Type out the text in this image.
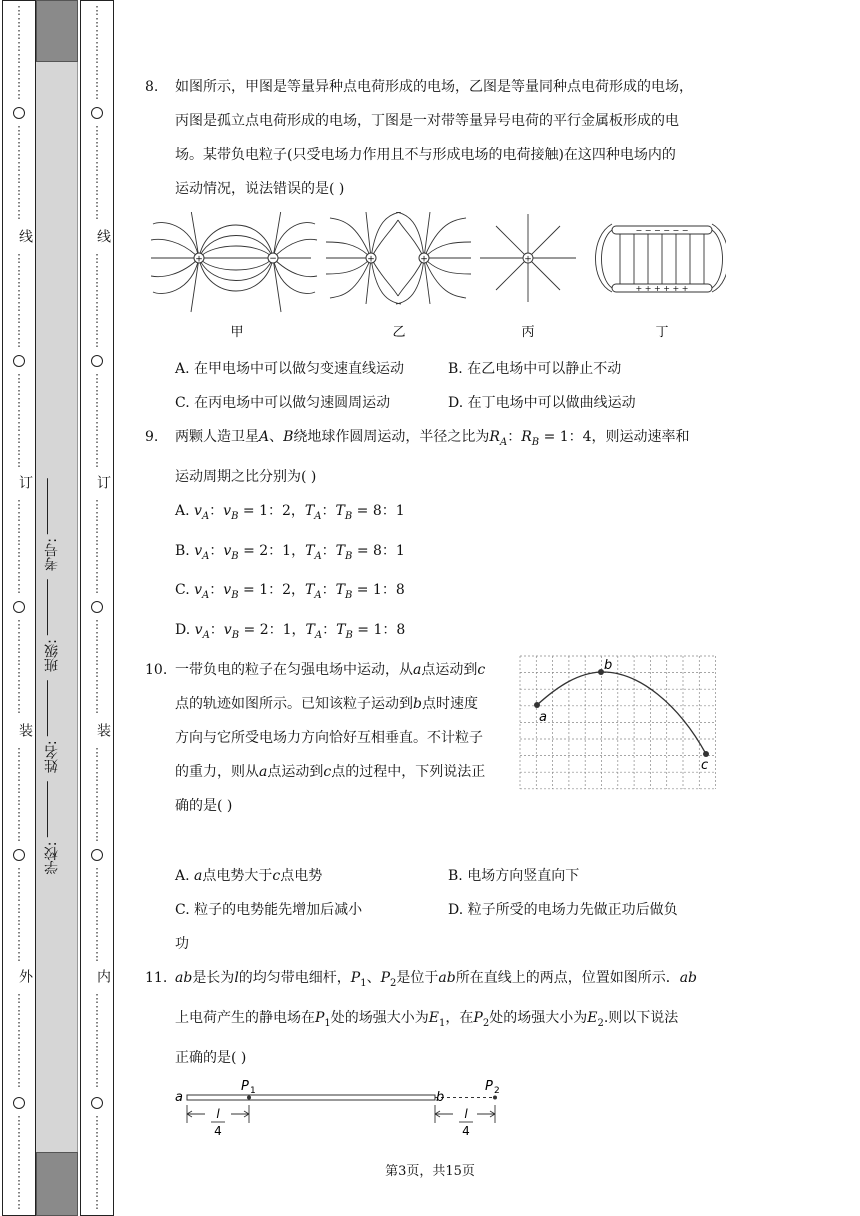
⋮
⋮
⋮
⋮
⋮
⋮
⋮
⋮
⋮
⋮
⋮
⋮
⋮
⋮
⋮
⋮
线
⋮
⋮
⋮
⋮
⋮
⋮
⋮
⋮
⋮
⋮
⋮
⋮
⋮
⋮
⋮
⋮
订
⋮
⋮
⋮
⋮
⋮
⋮
⋮
⋮
⋮
⋮
⋮
⋮
⋮
⋮
⋮
⋮
装
⋮
⋮
⋮
⋮
⋮
⋮
⋮
⋮
⋮
⋮
⋮
⋮
⋮
⋮
⋮
⋮
外
⋮
⋮
⋮
⋮
⋮
⋮
⋮
⋮
⋮
⋮
⋮
⋮
⋮
⋮
⋮
⋮
学校: 姓名: 班级: 考号:
⋮
⋮
⋮
⋮
⋮
⋮
⋮
⋮
⋮
⋮
⋮
⋮
⋮
⋮
⋮
⋮
线
⋮
⋮
⋮
⋮
⋮
⋮
⋮
⋮
⋮
⋮
⋮
⋮
⋮
⋮
⋮
⋮
订
⋮
⋮
⋮
⋮
⋮
⋮
⋮
⋮
⋮
⋮
⋮
⋮
⋮
⋮
⋮
⋮
装
⋮
⋮
⋮
⋮
⋮
⋮
⋮
⋮
⋮
⋮
⋮
⋮
⋮
⋮
⋮
⋮
内
⋮
⋮
⋮
⋮
⋮
⋮
⋮
⋮
⋮
⋮
⋮
⋮
⋮
⋮
⋮
⋮
8. 如图所示，甲图是等量异种点电荷形成的电场，乙图是等量同种点电荷形成的电场，
丙图是孤立点电荷形成的电场，丁图是一对带等量异号电荷的平行金属板形成的电
场。某带负电粒子(只受电场力作用且不与形成电场的电荷接触)在这四种电场内的
运动情况，说法错误的是( )
+	−	+	+	+
− − − − − −
+ + + + + +
甲	乙	丙	丁
A. 在甲电场中可以做匀变速直线运动	B. 在乙电场中可以静止不动
C. 在丙电场中可以做匀速圆周运动	D. 在丁电场中可以做曲线运动
9. 两颗人造卫星A、B绕地球作圆周运动，半径之比为$R_A$：$R_B = 1$：4，则运动速率和
运动周期之比分别为( )
A. $v_A$：$v_B = 1$：2，$T_A$：$T_B = 8$：1
B. $v_A$：$v_B = 2$：1，$T_A$：$T_B = 8$：1
C. $v_A$：$v_B = 1$：2，$T_A$：$T_B = 1$：8
D. $v_A$：$v_B = 2$：1，$T_A$：$T_B = 1$：8
10. 一带负电的粒子在匀强电场中运动，从a点运动到c
点的轨迹如图所示。已知该粒子运动到b点时速度
方向与它所受电场力方向恰好互相垂直。不计粒子
的重力，则从a点运动到c点的过程中，下列说法正
确的是( )
a
b
c
A. a点电势大于c点电势	B. 电场方向竖直向下
C. 粒子的电势能先增加后减小	D. 粒子所受的电场力先做正功后做负
功
11. ab是长为l的均匀带电细杆，$P_1$、$P_2$是位于ab所在直线上的两点，位置如图所示．ab
上电荷产生的静电场在$P_1$处的场强大小为$E_1$，在$P_2$处的场强大小为$E_2$.则以下说法
正确的是( )
a	b
P 1	P 2
l
4
l
4
第3页，共15页
